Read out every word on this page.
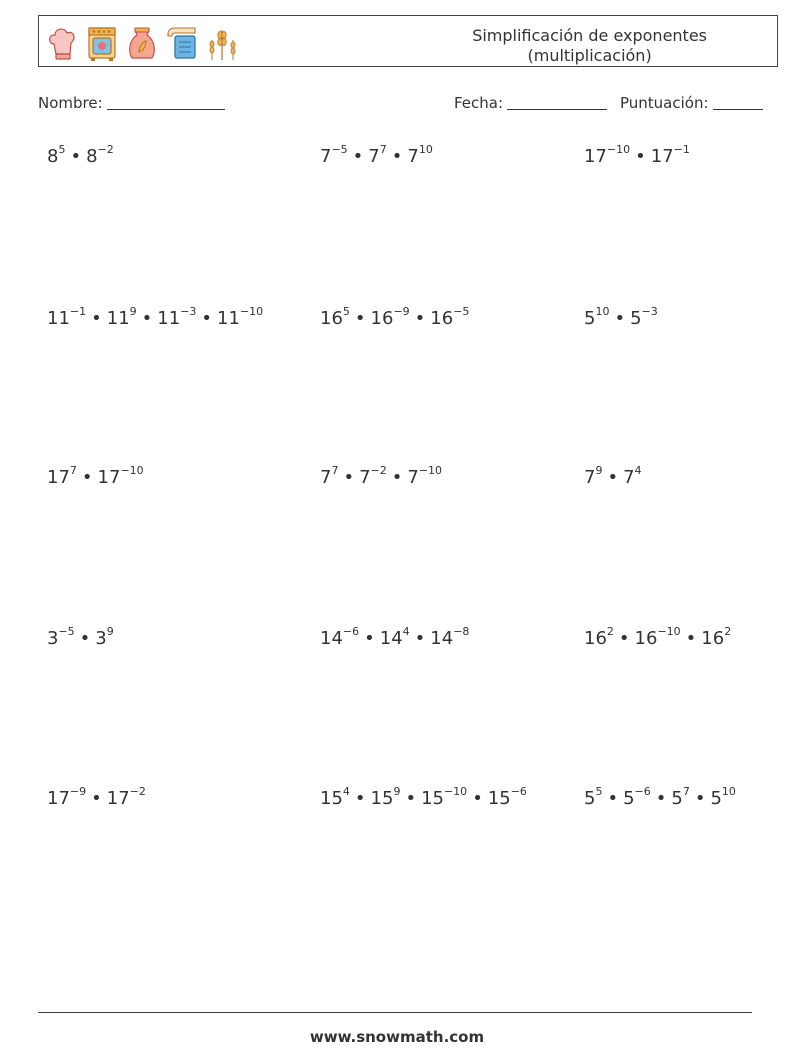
Simplificación de exponentes
(multiplicación)
Nombre:	Fecha:	Puntuación:
$8^5$ • $8^{-2}$	$7^{-5}$ • $7^7$ • $7^{10}$	$17^{-10}$ • $17^{-1}$
$11^{-1}$ • $11^9$ • $11^{-3}$ • $11^{-10}$	$16^5$ • $16^{-9}$ • $16^{-5}$	$5^{10}$ • $5^{-3}$
$17^7$ • $17^{-10}$	$7^7$ • $7^{-2}$ • $7^{-10}$	$7^9$ • $7^4$
$3^{-5}$ • $3^9$	$14^{-6}$ • $14^4$ • $14^{-8}$	$16^2$ • $16^{-10}$ • $16^2$
$17^{-9}$ • $17^{-2}$	$15^4$ • $15^9$ • $15^{-10}$ • $15^{-6}$	$5^5$ • $5^{-6}$ • $5^7$ • $5^{10}$
www.snowmath.com
